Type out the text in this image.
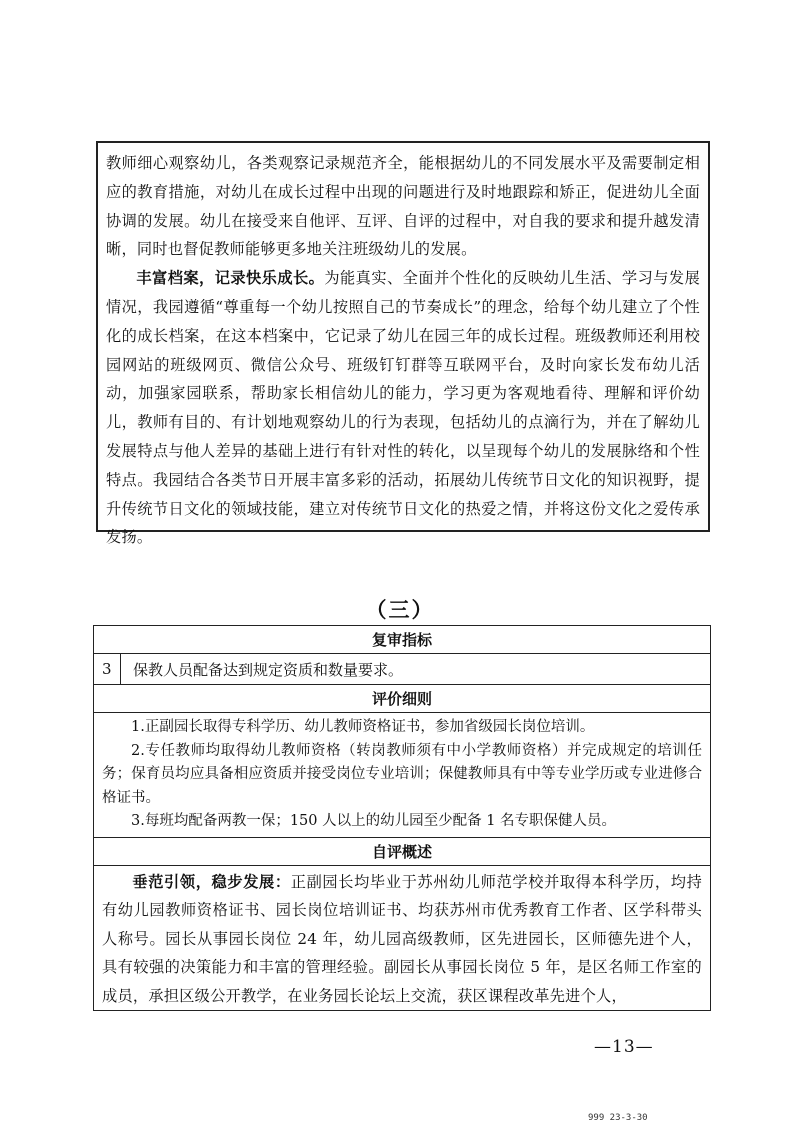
教师细心观察幼儿，各类观察记录规范齐全，能根据幼儿的不同发展水平及需要制定相应的教育措施，对幼儿在成长过程中出现的问题进行及时地跟踪和矫正，促进幼儿全面协调的发展。幼儿在接受来自他评、互评、自评的过程中，对自我的要求和提升越发清晰，同时也督促教师能够更多地关注班级幼儿的发展。

丰富档案，记录快乐成长。为能真实、全面并个性化的反映幼儿生活、学习与发展情况，我园遵循“尊重每一个幼儿按照自己的节奏成长”的理念，给每个幼儿建立了个性化的成长档案，在这本档案中，它记录了幼儿在园三年的成长过程。班级教师还利用校园网站的班级网页、微信公众号、班级钉钉群等互联网平台，及时向家长发布幼儿活动，加强家园联系，帮助家长相信幼儿的能力，学习更为客观地看待、理解和评价幼儿，教师有目的、有计划地观察幼儿的行为表现，包括幼儿的点滴行为，并在了解幼儿发展特点与他人差异的基础上进行有针对性的转化，以呈现每个幼儿的发展脉络和个性特点。我园结合各类节日开展丰富多彩的活动，拓展幼儿传统节日文化的知识视野，提升传统节日文化的领域技能，建立对传统节日文化的热爱之情，并将这份文化之爱传承发扬。

（三）
复审指标
3	保教人员配备达到规定资质和数量要求。
评价细则

1.正副园长取得专科学历、幼儿教师资格证书，参加省级园长岗位培训。
2.专任教师均取得幼儿教师资格（转岗教师须有中小学教师资格）并完成规定的培训任务；保育员均应具备相应资质并接受岗位专业培训；保健教师具有中等专业学历或专业进修合格证书。
3.每班均配备两教一保；150 人以上的幼儿园至少配备 1 名专职保健人员。

自评概述

垂范引领，稳步发展：正副园长均毕业于苏州幼儿师范学校并取得本科学历，均持有幼儿园教师资格证书、园长岗位培训证书、均获苏州市优秀教育工作者、区学科带头人称号。园长从事园长岗位 24 年，幼儿园高级教师，区先进园长，区师德先进个人，具有较强的决策能力和丰富的管理经验。副园长从事园长岗位 5 年，是区名师工作室的成员，承担区级公开教学，在业务园长论坛上交流，获区课程改革先进个人，
—13—
999 23-3-30
